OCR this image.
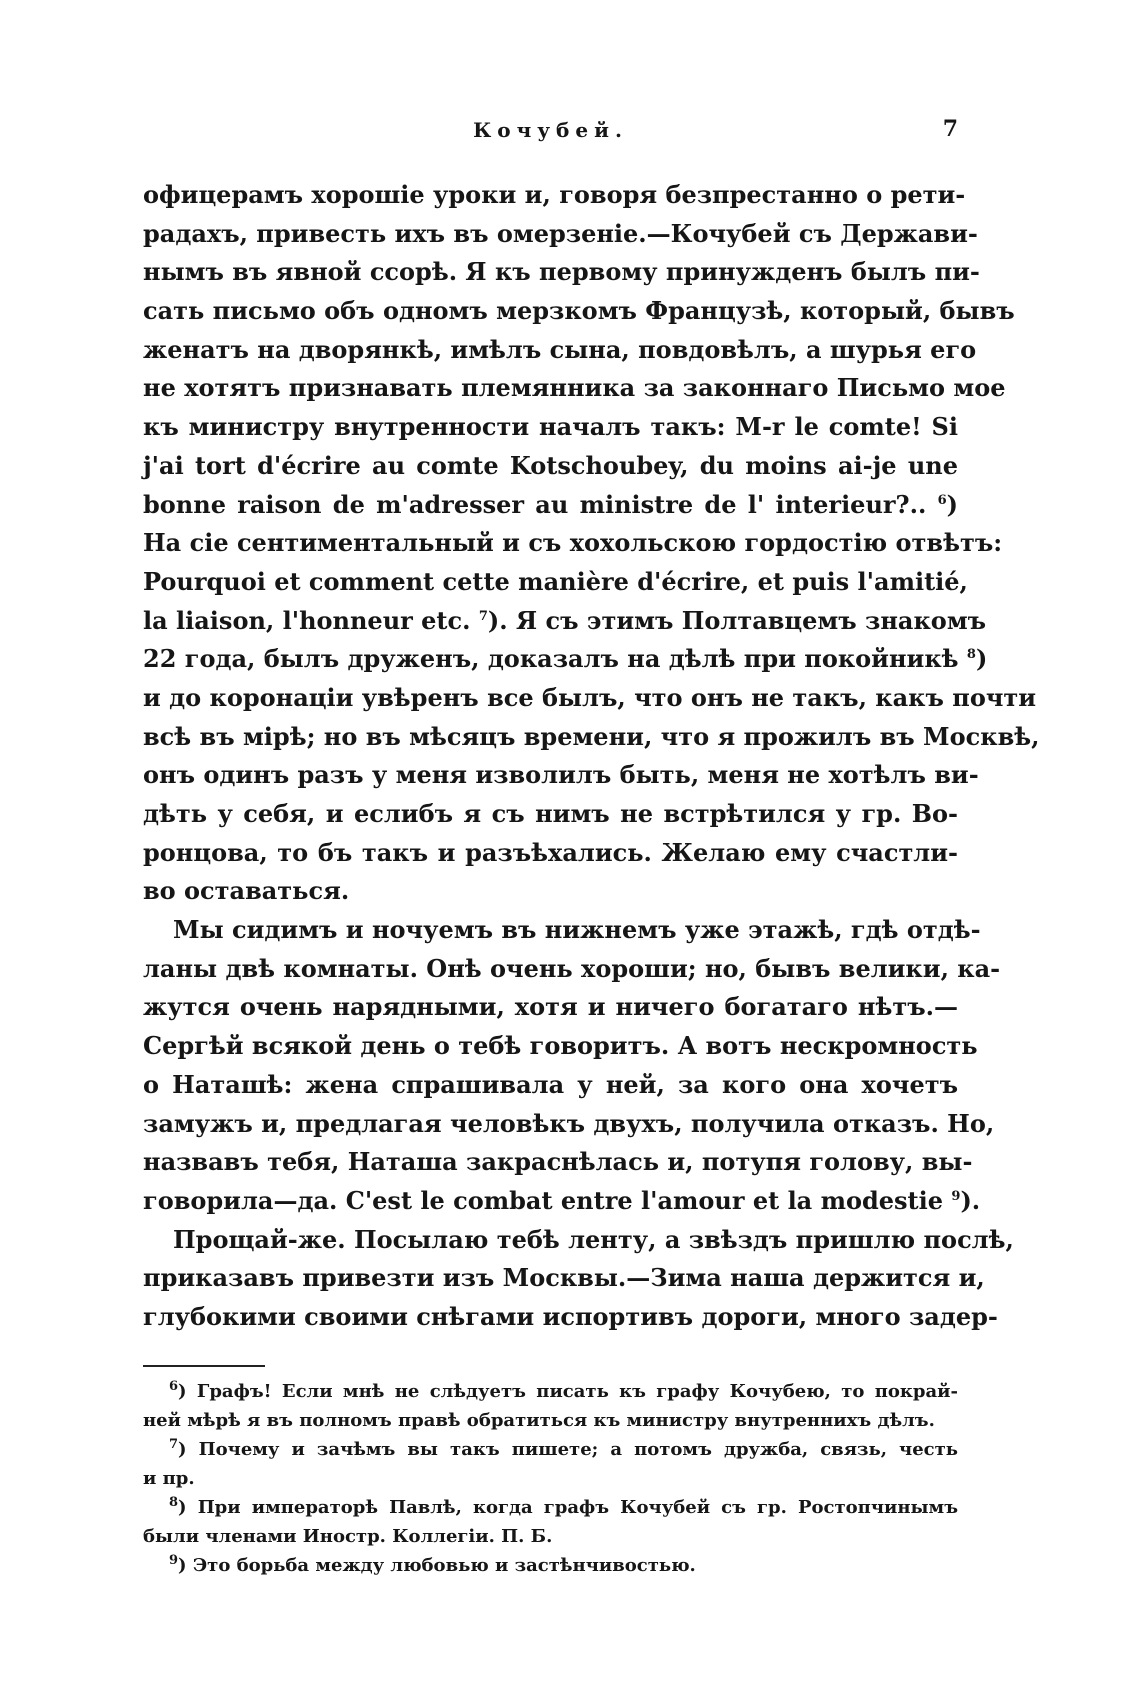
Кочубей.	7
офицерамъ хорошіе уроки и, говоря безпрестанно о рети-
радахъ, привесть ихъ въ омерзеніе.—Кочубей съ Держави-
нымъ въ явной ссорѣ. Я къ первому принужденъ былъ пи-
сать письмо объ одномъ мерзкомъ Французѣ, который, бывъ
женатъ на дворянкѣ, имѣлъ сына, повдовѣлъ, а шурья его
не хотятъ признавать племянника за законнаго Письмо мое
къ министру внутренности началъ такъ: M-r le comte! Si
j'ai tort d'écrire au comte Kotschoubey, du moins ai-je une
bonne raison de m'adresser au ministre de l' interieur?.. $^6$)
На сіе сентиментальный и съ хохольскою гордостію отвѣтъ:
Pourquoi et comment cette manière d'écrire, et puis l'amitié,
la liaison, l'honneur etc. $^7$). Я съ этимъ Полтавцемъ знакомъ
22 года, былъ друженъ, доказалъ на дѣлѣ при покойникѣ $^8$)
и до коронаціи увѣренъ все былъ, что онъ не такъ, какъ почти
всѣ въ мірѣ; но въ мѣсяцъ времени, что я прожилъ въ Москвѣ,
онъ одинъ разъ у меня изволилъ быть, меня не хотѣлъ ви-
дѣть у себя, и еслибъ я съ нимъ не встрѣтился у гр. Во-
ронцова, то бъ такъ и разъѣхались. Желаю ему счастли-
во оставаться.
Мы сидимъ и ночуемъ въ нижнемъ уже этажѣ, гдѣ отдѣ-
ланы двѣ комнаты. Онѣ очень хороши; но, бывъ велики, ка-
жутся очень нарядными, хотя и ничего богатаго нѣтъ.—
Сергѣй всякой день о тебѣ говоритъ. А вотъ нескромность
о Наташѣ: жена спрашивала у ней, за кого она хочетъ
замужъ и, предлагая человѣкъ двухъ, получила отказъ. Но,
назвавъ тебя, Наташа закраснѣлась и, потупя голову, вы-
говорила—да. C'est le combat entre l'amour et la modestie $^9$).
Прощай-же. Посылаю тебѣ ленту, а звѣздъ пришлю послѣ,
приказавъ привезти изъ Москвы.—Зима наша держится и,
глубокими своими снѣгами испортивъ дороги, много задер-
$^6$) Графъ! Если мнѣ не слѣдуетъ писать къ графу Кочубею, то покрай-
ней мѣрѣ я въ полномъ правѣ обратиться къ министру внутреннихъ дѣлъ.
$^7$) Почему и зачѣмъ вы такъ пишете; а потомъ дружба, связь, честь
и пр.
$^8$) При императорѣ Павлѣ, когда графъ Кочубей съ гр. Ростопчинымъ
были членами Иностр. Коллегіи. П. Б.
$^9$) Это борьба между любовью и застѣнчивостью.
